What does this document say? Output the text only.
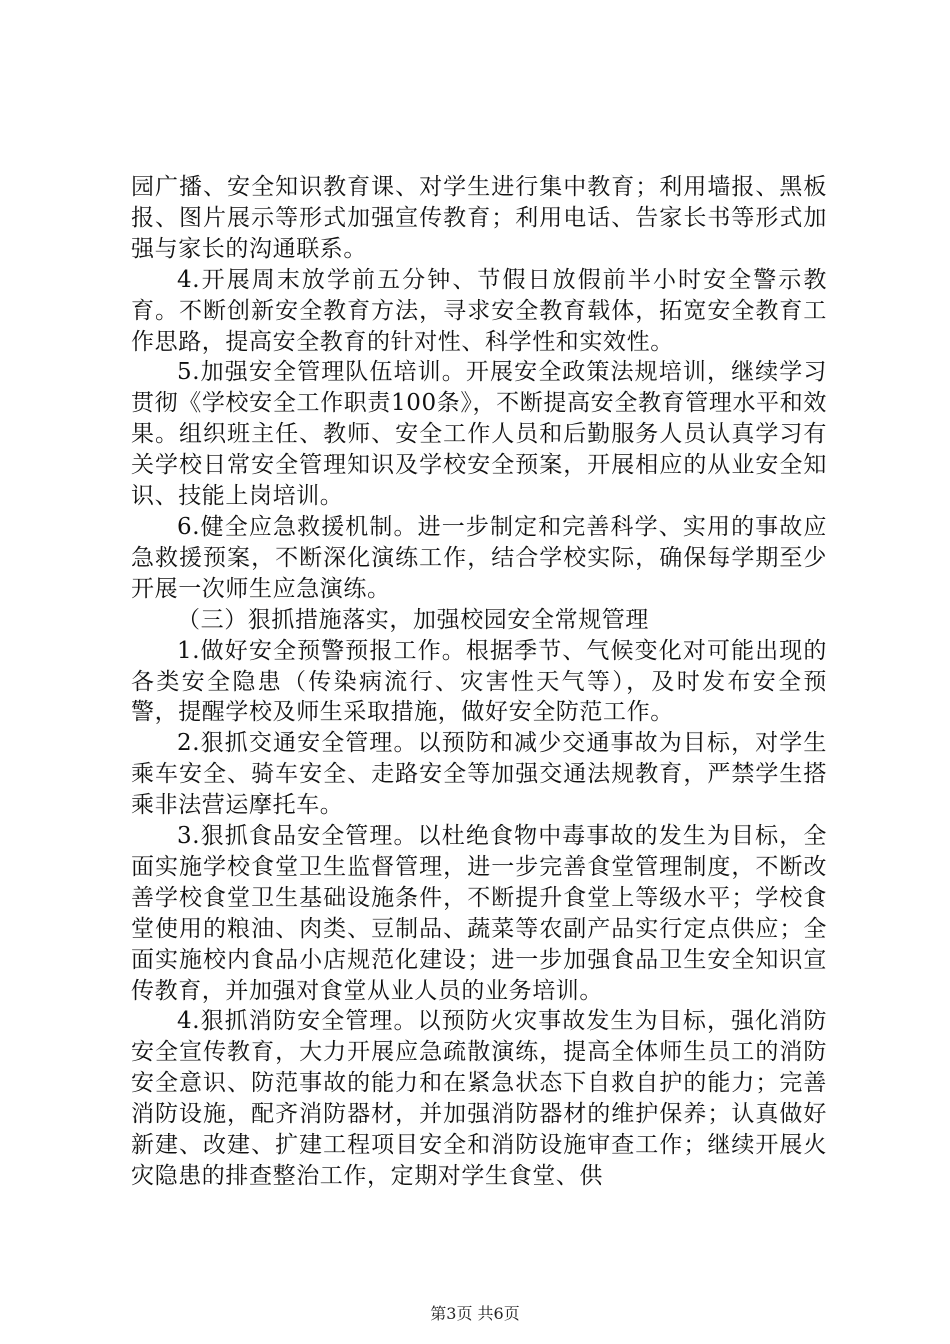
园广播、安全知识教育课、对学生进行集中教育；利用墙报、黑板报、图片展示等形式加强宣传教育；利用电话、告家长书等形式加强与家长的沟通联系。

4.开展周末放学前五分钟、节假日放假前半小时安全警示教育。不断创新安全教育方法，寻求安全教育载体，拓宽安全教育工作思路，提高安全教育的针对性、科学性和实效性。

5.加强安全管理队伍培训。开展安全政策法规培训，继续学习贯彻《学校安全工作职责100条》，不断提高安全教育管理水平和效果。组织班主任、教师、安全工作人员和后勤服务人员认真学习有关学校日常安全管理知识及学校安全预案，开展相应的从业安全知识、技能上岗培训。

6.健全应急救援机制。进一步制定和完善科学、实用的事故应急救援预案，不断深化演练工作，结合学校实际，确保每学期至少开展一次师生应急演练。

（三）狠抓措施落实，加强校园安全常规管理

1.做好安全预警预报工作。根据季节、气候变化对可能出现的各类安全隐患（传染病流行、灾害性天气等），及时发布安全预警，提醒学校及师生采取措施，做好安全防范工作。

2.狠抓交通安全管理。以预防和减少交通事故为目标，对学生乘车安全、骑车安全、走路安全等加强交通法规教育，严禁学生搭乘非法营运摩托车。

3.狠抓食品安全管理。以杜绝食物中毒事故的发生为目标，全面实施学校食堂卫生监督管理，进一步完善食堂管理制度，不断改善学校食堂卫生基础设施条件，不断提升食堂上等级水平；学校食堂使用的粮油、肉类、豆制品、蔬菜等农副产品实行定点供应；全面实施校内食品小店规范化建设；进一步加强食品卫生安全知识宣传教育，并加强对食堂从业人员的业务培训。

4.狠抓消防安全管理。以预防火灾事故发生为目标，强化消防安全宣传教育，大力开展应急疏散演练，提高全体师生员工的消防安全意识、防范事故的能力和在紧急状态下自救自护的能力；完善消防设施，配齐消防器材，并加强消防器材的维护保养；认真做好新建、改建、扩建工程项目安全和消防设施审查工作；继续开展火灾隐患的排查整治工作，定期对学生食堂、供

第3页 共6页
